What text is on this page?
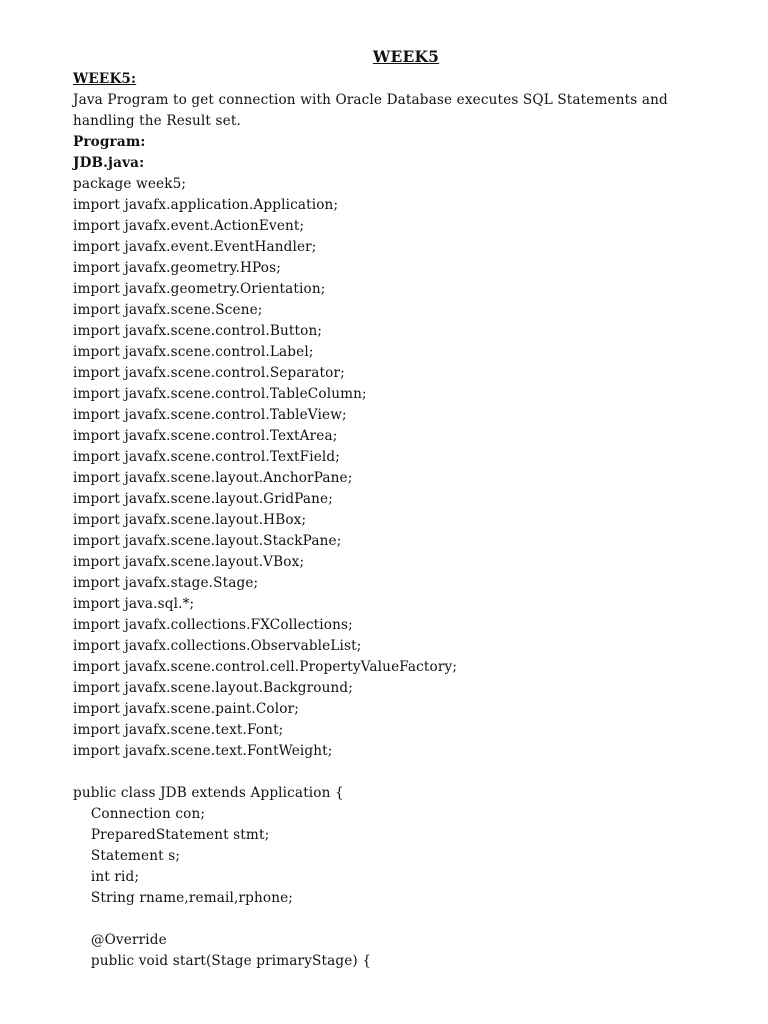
WEEK5
WEEK5:
Java Program to get connection with Oracle Database executes SQL Statements and handling the Result set.
Program:
JDB.java:
package week5;
import javafx.application.Application;
import javafx.event.ActionEvent;
import javafx.event.EventHandler;
import javafx.geometry.HPos;
import javafx.geometry.Orientation;
import javafx.scene.Scene;
import javafx.scene.control.Button;
import javafx.scene.control.Label;
import javafx.scene.control.Separator;
import javafx.scene.control.TableColumn;
import javafx.scene.control.TableView;
import javafx.scene.control.TextArea;
import javafx.scene.control.TextField;
import javafx.scene.layout.AnchorPane;
import javafx.scene.layout.GridPane;
import javafx.scene.layout.HBox;
import javafx.scene.layout.StackPane;
import javafx.scene.layout.VBox;
import javafx.stage.Stage;
import java.sql.*;
import javafx.collections.FXCollections;
import javafx.collections.ObservableList;
import javafx.scene.control.cell.PropertyValueFactory;
import javafx.scene.layout.Background;
import javafx.scene.paint.Color;
import javafx.scene.text.Font;
import javafx.scene.text.FontWeight;
public class JDB extends Application {
Connection con;
PreparedStatement stmt;
Statement s;
int rid;
String rname,remail,rphone;
@Override
public void start(Stage primaryStage) {
